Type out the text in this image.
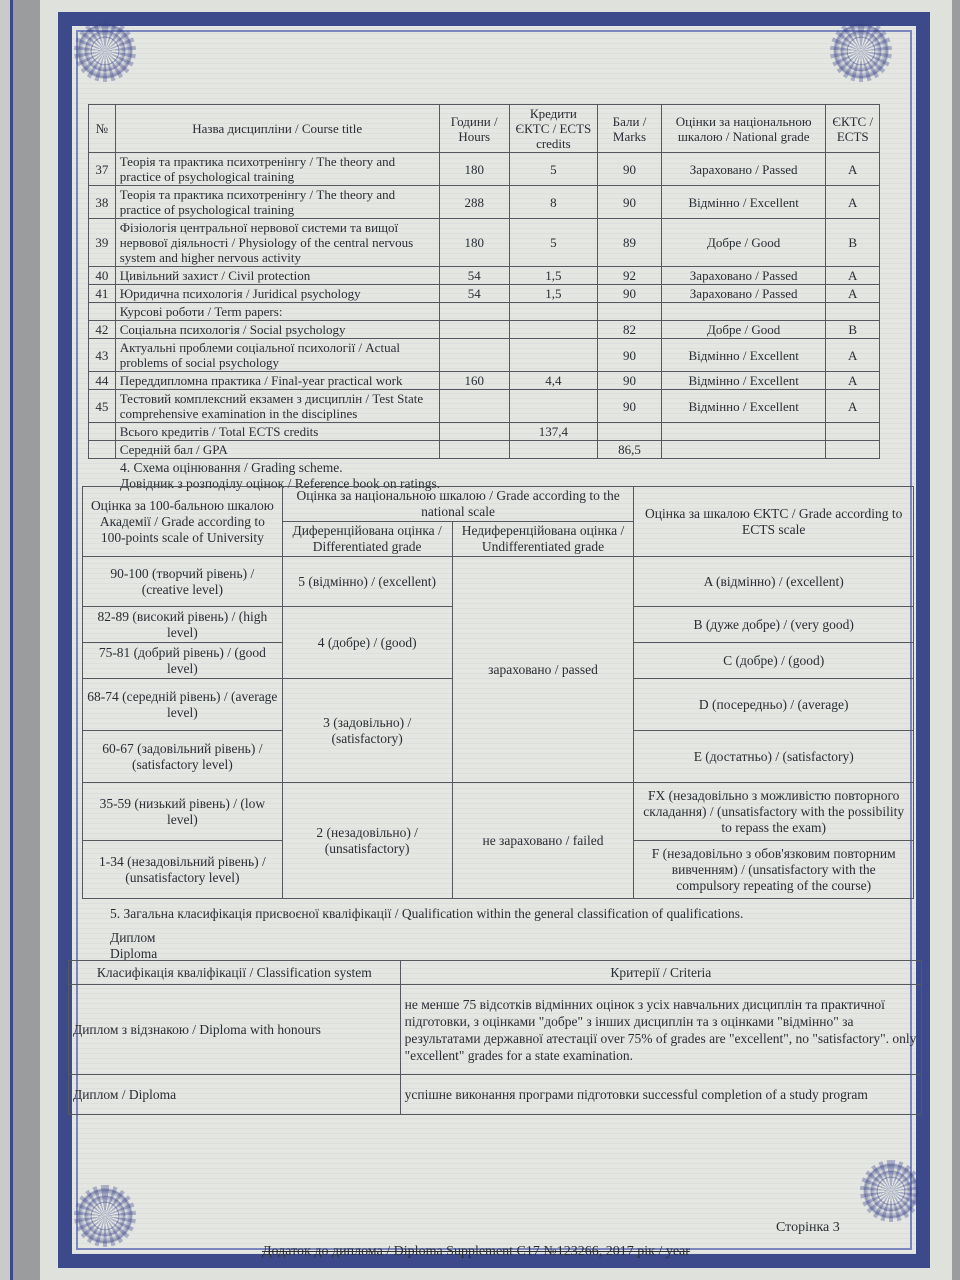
№	Назва дисципліни / Course title	Години / Hours	Кредити ЄКТС / ECTS credits	Бали / Marks	Оцінки за національною шкалою / National grade	ЄКТС / ECTS
37	Теорія та практика психотренінгу / The theory and practice of psychological training	180	5	90	Зараховано / Passed	A
38	Теорія та практика психотренінгу / The theory and practice of psychological training	288	8	90	Відмінно / Excellent	A
39	Фізіологія центральної нервової системи та вищої нервової діяльності / Physiology of the central nervous system and higher nervous activity	180	5	89	Добре / Good	B
40	Цивільний захист / Civil protection	54	1,5	92	Зараховано / Passed	A
41	Юридична психологія / Juridical psychology	54	1,5	90	Зараховано / Passed	A
	Курсові роботи / Term papers:					
42	Соціальна психологія / Social psychology			82	Добре / Good	B
43	Актуальні проблеми соціальної психології / Actual problems of social psychology			90	Відмінно / Excellent	A
44	Переддипломна практика / Final-year practical work	160	4,4	90	Відмінно / Excellent	A
45	Тестовий комплексний екзамен з дисциплін / Test State comprehensive examination in the disciplines			90	Відмінно / Excellent	A
	Всього кредитів / Total ECTS credits		137,4			
	Середній бал / GPA			86,5		
4. Схема оцінювання / Grading scheme.
Довідник з розподілу оцінок / Reference book on ratings.
Оцінка за 100-бальною шкалою Академії / Grade according to 100-points scale of University	Оцінка за національною шкалою / Grade according to the national scale		Оцінка за шкалою ЄКТС / Grade according to ECTS scale
	Диференційована оцінка / Differentiated grade	Недиференційована оцінка / Undifferentiated grade	
90-100 (творчий рівень) / (creative level)	5 (відмінно) / (excellent)	зараховано / passed	A (відмінно) / (excellent)
82-89 (високий рівень) / (high level)	4 (добре) / (good)		B (дуже добре) / (very good)
75-81 (добрий рівень) / (good level)			C (добре) / (good)
68-74 (середній рівень) / (average level)	3 (задовільно) / (satisfactory)		D (посередньо) / (average)
60-67 (задовільний рівень) / (satisfactory level)			E (достатньо) / (satisfactory)
35-59 (низький рівень) / (low level)	2 (незадовільно) / (unsatisfactory)	не зараховано / failed	FX (незадовільно з можливістю повторного складання) / (unsatisfactory with the possibility to repass the exam)
1-34 (незадовільний рівень) / (unsatisfactory level)			F (незадовільно з обов'язковим повторним вивченням) / (unsatisfactory with the compulsory repeating of the course)
5. Загальна класифікація присвоєної кваліфікації / Qualification within the general classification of qualifications.
Диплом
Diploma
Класифікація кваліфікації / Classification system	Критерії / Criteria
Диплом з відзнакою / Diploma with honours	не менше 75 відсотків відмінних оцінок з усіх навчальних дисциплін та практичної підготовки, з оцінками "добре" з інших дисциплін та з оцінками "відмінно" за результатами державної атестації over 75% of grades are "excellent", no "satisfactory". only "excellent" grades for a state examination.
Диплом / Diploma	успішне виконання програми підготовки successful completion of a study program
Сторінка 3
Додаток до диплома / Diploma Supplement C17 №123266, 2017 рік / year
